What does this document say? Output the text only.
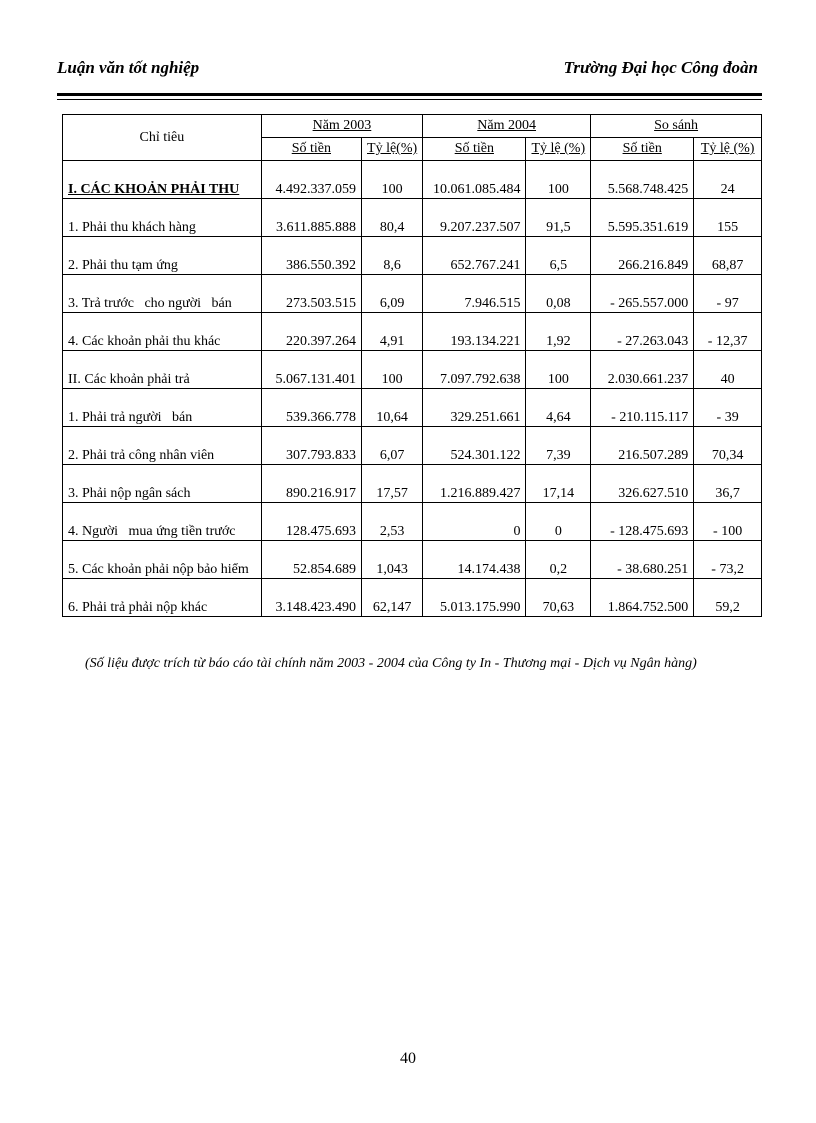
Luận văn tốt nghiệp	Trường Đại học Công đoàn
Chỉ tiêu	Năm 2003		Năm 2004		So sánh	
	Số tiền	Tỷ lệ(%)	Số tiền	Tỷ lệ (%)	Số tiền	Tỷ lệ (%)
I. CÁC KHOẢN PHẢI THU	4.492.337.059	100	10.061.085.484	100	5.568.748.425	24
1. Phải thu khách hàng	3.611.885.888	80,4	9.207.237.507	91,5	5.595.351.619	155
2. Phải thu tạm ứng	386.550.392	8,6	652.767.241	6,5	266.216.849	68,87
3. Trả trước   cho người   bán	273.503.515	6,09	7.946.515	0,08	- 265.557.000	- 97
4. Các khoản phải thu khác	220.397.264	4,91	193.134.221	1,92	- 27.263.043	- 12,37
II. Các khoản phải trả	5.067.131.401	100	7.097.792.638	100	2.030.661.237	40
1. Phải trả người   bán	539.366.778	10,64	329.251.661	4,64	- 210.115.117	- 39
2. Phải trả công nhân viên	307.793.833	6,07	524.301.122	7,39	216.507.289	70,34
3. Phải nộp ngân sách	890.216.917	17,57	1.216.889.427	17,14	326.627.510	36,7
4. Người   mua ứng tiền trước	128.475.693	2,53	0	0	- 128.475.693	- 100
5. Các khoản phải nộp bảo hiểm	52.854.689	1,043	14.174.438	0,2	- 38.680.251	- 73,2
6. Phải trả phải nộp khác	3.148.423.490	62,147	5.013.175.990	70,63	1.864.752.500	59,2
(Số liệu được trích từ báo cáo tài chính năm 2003 - 2004 của Công ty In - Thương mại - Dịch vụ Ngân hàng)
40
